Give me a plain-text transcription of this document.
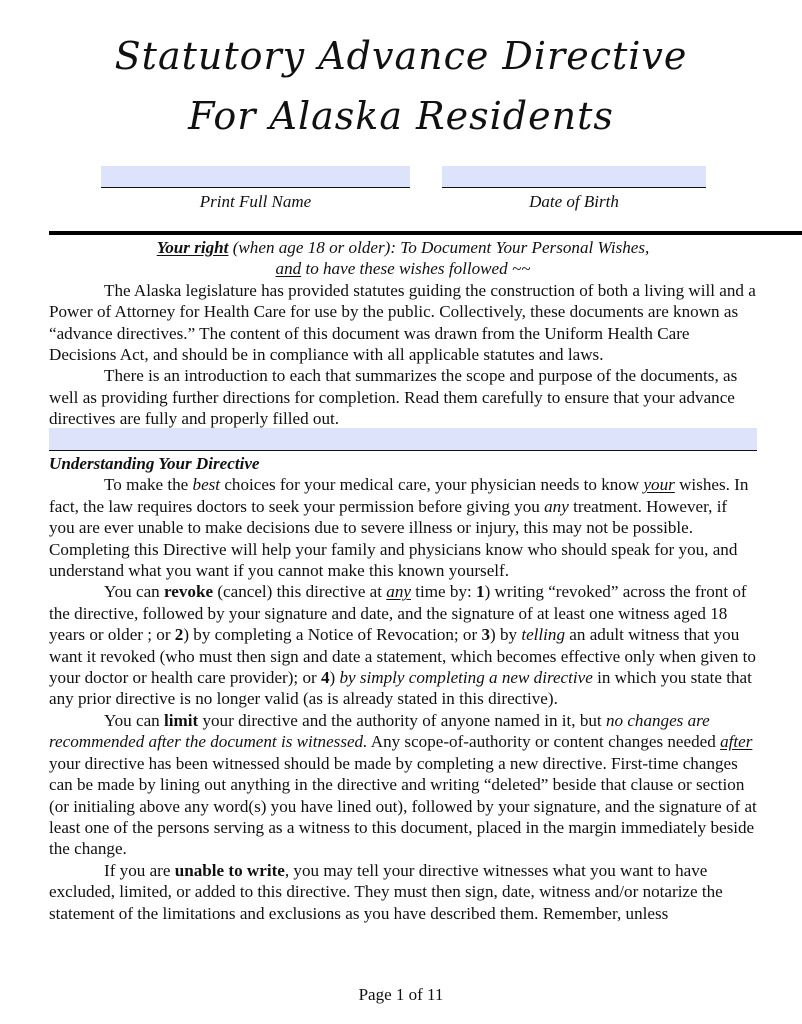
Statutory Advance Directive
For Alaska Residents
Print Full Name	Date of Birth

Your right (when age 18 or older): To Document Your Personal Wishes,

and to have these wishes followed ~~

The Alaska legislature has provided statutes guiding the construction of both a living will and a Power of Attorney for Health Care for use by the public. Collectively, these documents are known as “advance directives.” The content of this document was drawn from the Uniform Health Care Decisions Act, and should be in compliance with all applicable statutes and laws.

There is an introduction to each that summarizes the scope and purpose of the documents, as well as providing further directions for completion. Read them carefully to ensure that your advance directives are fully and properly filled out.

Understanding Your Directive

To make the best choices for your medical care, your physician needs to know your wishes. In fact, the law requires doctors to seek your permission before giving you any treatment. However, if you are ever unable to make decisions due to severe illness or injury, this may not be possible. Completing this Directive will help your family and physicians know who should speak for you, and understand what you want if you cannot make this known yourself.

You can revoke (cancel) this directive at any time by: 1) writing “revoked” across the front of the directive, followed by your signature and date, and the signature of at least one witness aged 18 years or older ; or 2) by completing a Notice of Revocation; or 3) by telling an adult witness that you want it revoked (who must then sign and date a statement, which becomes effective only when given to your doctor or health care provider); or 4) by simply completing a new directive in which you state that any prior directive is no longer valid (as is already stated in this directive).

You can limit your directive and the authority of anyone named in it, but no changes are recommended after the document is witnessed. Any scope-of-authority or content changes needed after your directive has been witnessed should be made by completing a new directive. First-time changes can be made by lining out anything in the directive and writing “deleted” beside that clause or section (or initialing above any word(s) you have lined out), followed by your signature, and the signature of at least one of the persons serving as a witness to this document, placed in the margin immediately beside the change.

If you are unable to write, you may tell your directive witnesses what you want to have excluded, limited, or added to this directive. They must then sign, date, witness and/or notarize the statement of the limitations and exclusions as you have described them. Remember, unless

Page 1 of 11
